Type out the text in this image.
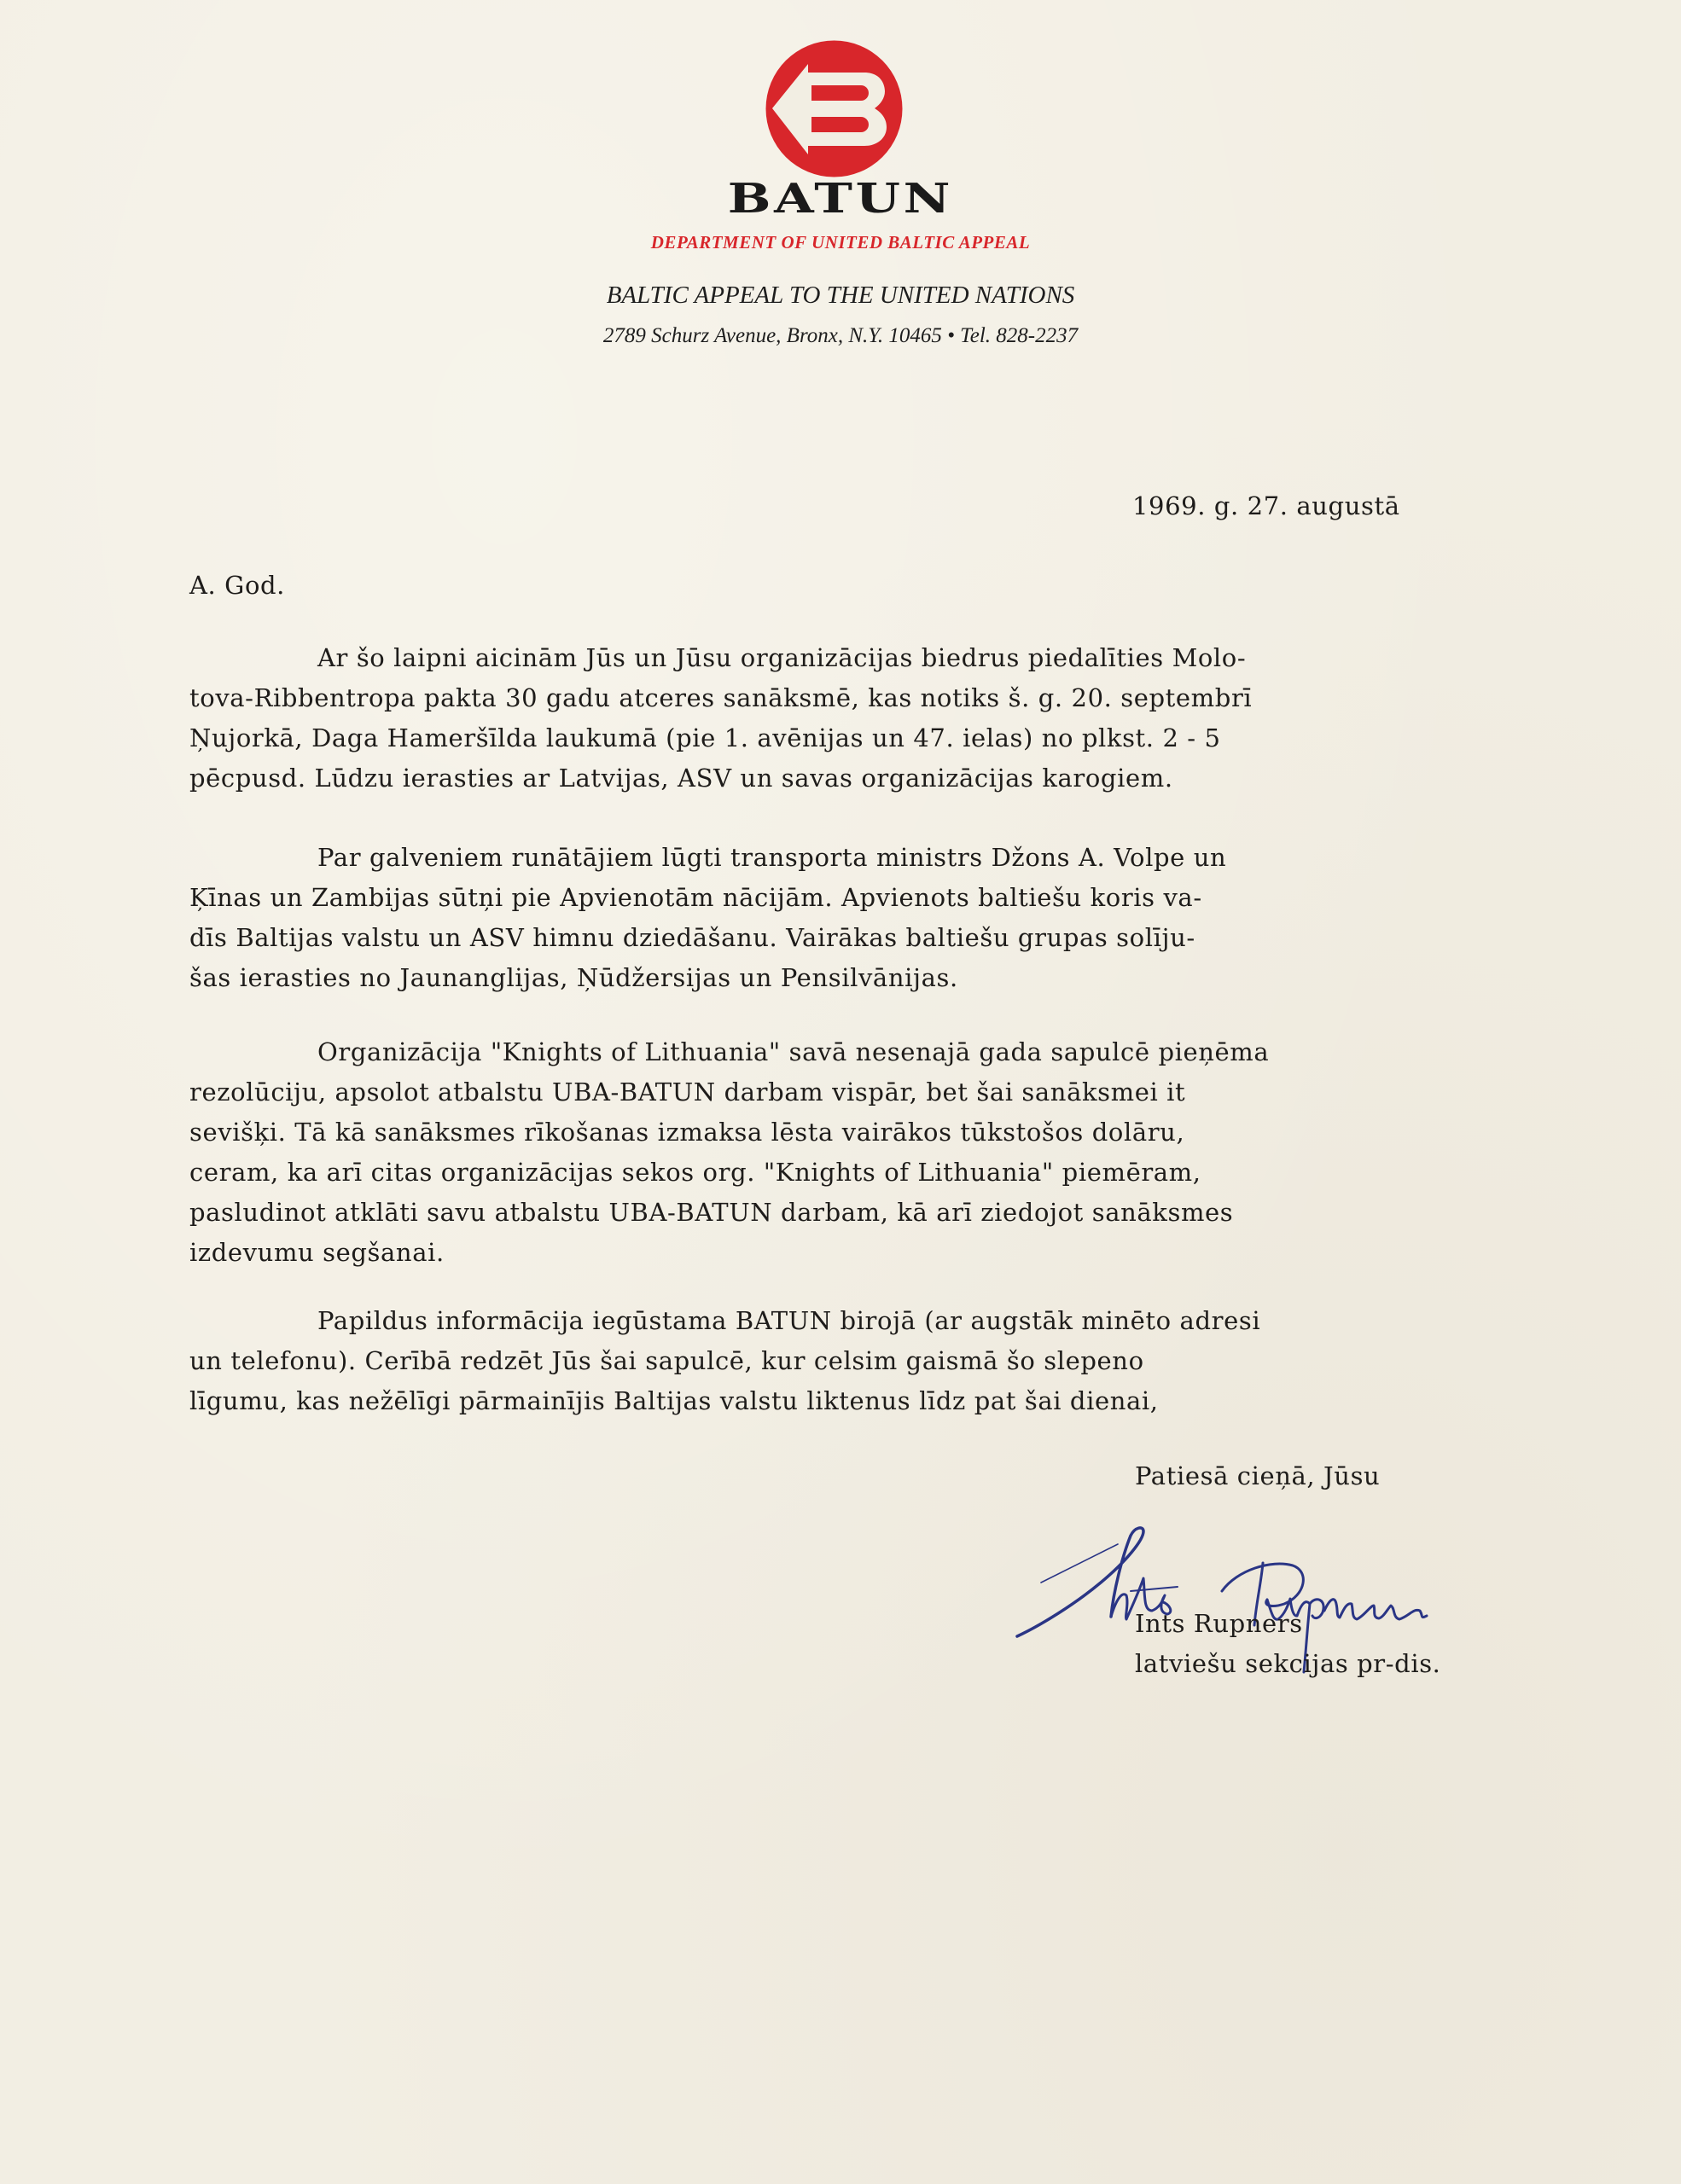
BATUN
DEPARTMENT OF UNITED BALTIC APPEAL
BALTIC APPEAL TO THE UNITED NATIONS
2789 Schurz Avenue, Bronx, N.Y. 10465 • Tel. 828-2237
1969. g. 27. augustā
A. God.
Ar šo laipni aicinām Jūs un Jūsu organizācijas biedrus piedalīties Molo-
tova-Ribbentropa pakta 30 gadu atceres sanāksmē, kas notiks š. g. 20. septembrī
Ņujorkā, Daga Hameršīlda laukumā (pie 1. avēnijas un 47. ielas) no plkst. 2 - 5
pēcpusd. Lūdzu ierasties ar Latvijas, ASV un savas organizācijas karogiem.
Par galveniem runātājiem lūgti transporta ministrs Džons A. Volpe un
Ķīnas un Zambijas sūtņi pie Apvienotām nācijām. Apvienots baltiešu koris va-
dīs Baltijas valstu un ASV himnu dziedāšanu. Vairākas baltiešu grupas solīju-
šas ierasties no Jaunanglijas, Ņūdžersijas un Pensilvānijas.
Organizācija "Knights of Lithuania" savā nesenajā gada sapulcē pieņēma
rezolūciju, apsolot atbalstu UBA-BATUN darbam vispār, bet šai sanāksmei it
sevišķi. Tā kā sanāksmes rīkošanas izmaksa lēsta vairākos tūkstošos dolāru,
ceram, ka arī citas organizācijas sekos org. "Knights of Lithuania" piemēram,
pasludinot atklāti savu atbalstu UBA-BATUN darbam, kā arī ziedojot sanāksmes
izdevumu segšanai.
Papildus informācija iegūstama BATUN birojā (ar augstāk minēto adresi
un telefonu). Cerībā redzēt Jūs šai sapulcē, kur celsim gaismā šo slepeno
līgumu, kas nežēlīgi pārmainījis Baltijas valstu liktenus līdz pat šai dienai,
Patiesā cieņā, Jūsu
Ints Rupners
latviešu sekcijas pr-dis.
